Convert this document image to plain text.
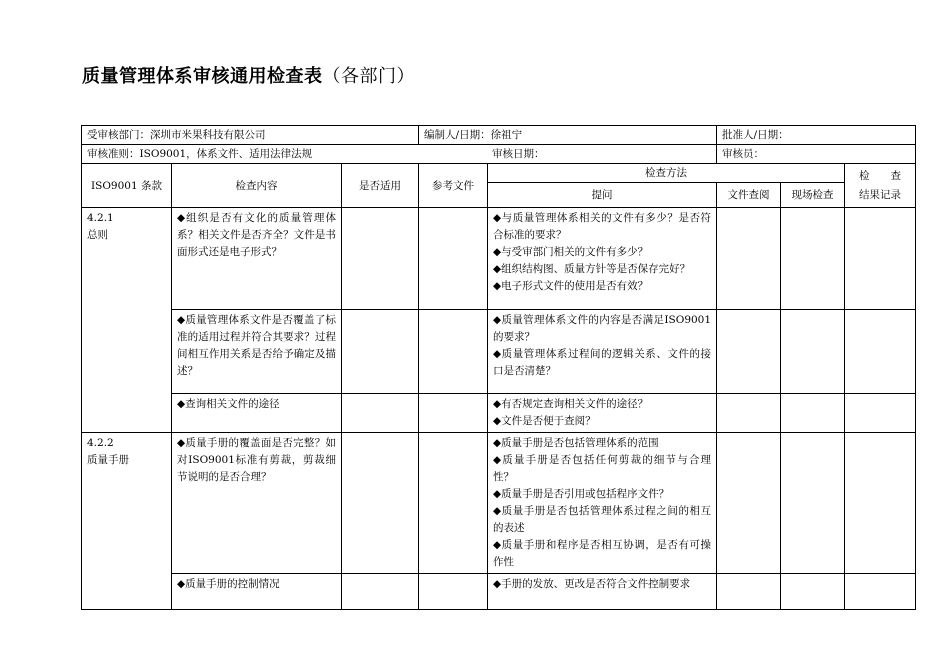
质量管理体系审核通用检查表（各部门）
受审核部门：深圳市米果科技有限公司			编制人/日期：徐祖宁		批准人/日期：		
审核准则：ISO9001，体系文件、适用法律法规 审核日期：					审核员：		
ISO9001 条款	检查内容	是否适用	参考文件	检查方法			检　　查
结果记录

				提问	文件查阅	现场检查	

4.2.1
总则	◆组织是否有文化的质量管理体系？相关文件是否齐全？文件是书面形式还是电子形式？			◆与质量管理体系相关的文件有多少？是否符合标准的要求？
◆与受审部门相关的文件有多少？
◆组织结构图、质量方针等是否保存完好？
◆电子形式文件的使用是否有效？			

	◆质量管理体系文件是否覆盖了标准的适用过程并符合其要求？过程间相互作用关系是否给予确定及描述？			◆质量管理体系文件的内容是否满足ISO9001的要求？
◆质量管理体系过程间的逻辑关系、文件的接口是否清楚？			

	◆查询相关文件的途径			◆有否规定查询相关文件的途径？
◆文件是否便于查阅？			

4.2.2
质量手册	◆质量手册的覆盖面是否完整？如对ISO9001标准有剪裁，剪裁细节说明的是否合理？			◆质量手册是否包括管理体系的范围
◆质量手册是否包括任何剪裁的细节与合理性？
◆质量手册是否引用或包括程序文件？
◆质量手册是否包括管理体系过程之间的相互的表述
◆质量手册和程序是否相互协调，是否有可操作性			

	◆质量手册的控制情况			◆手册的发放、更改是否符合文件控制要求			
